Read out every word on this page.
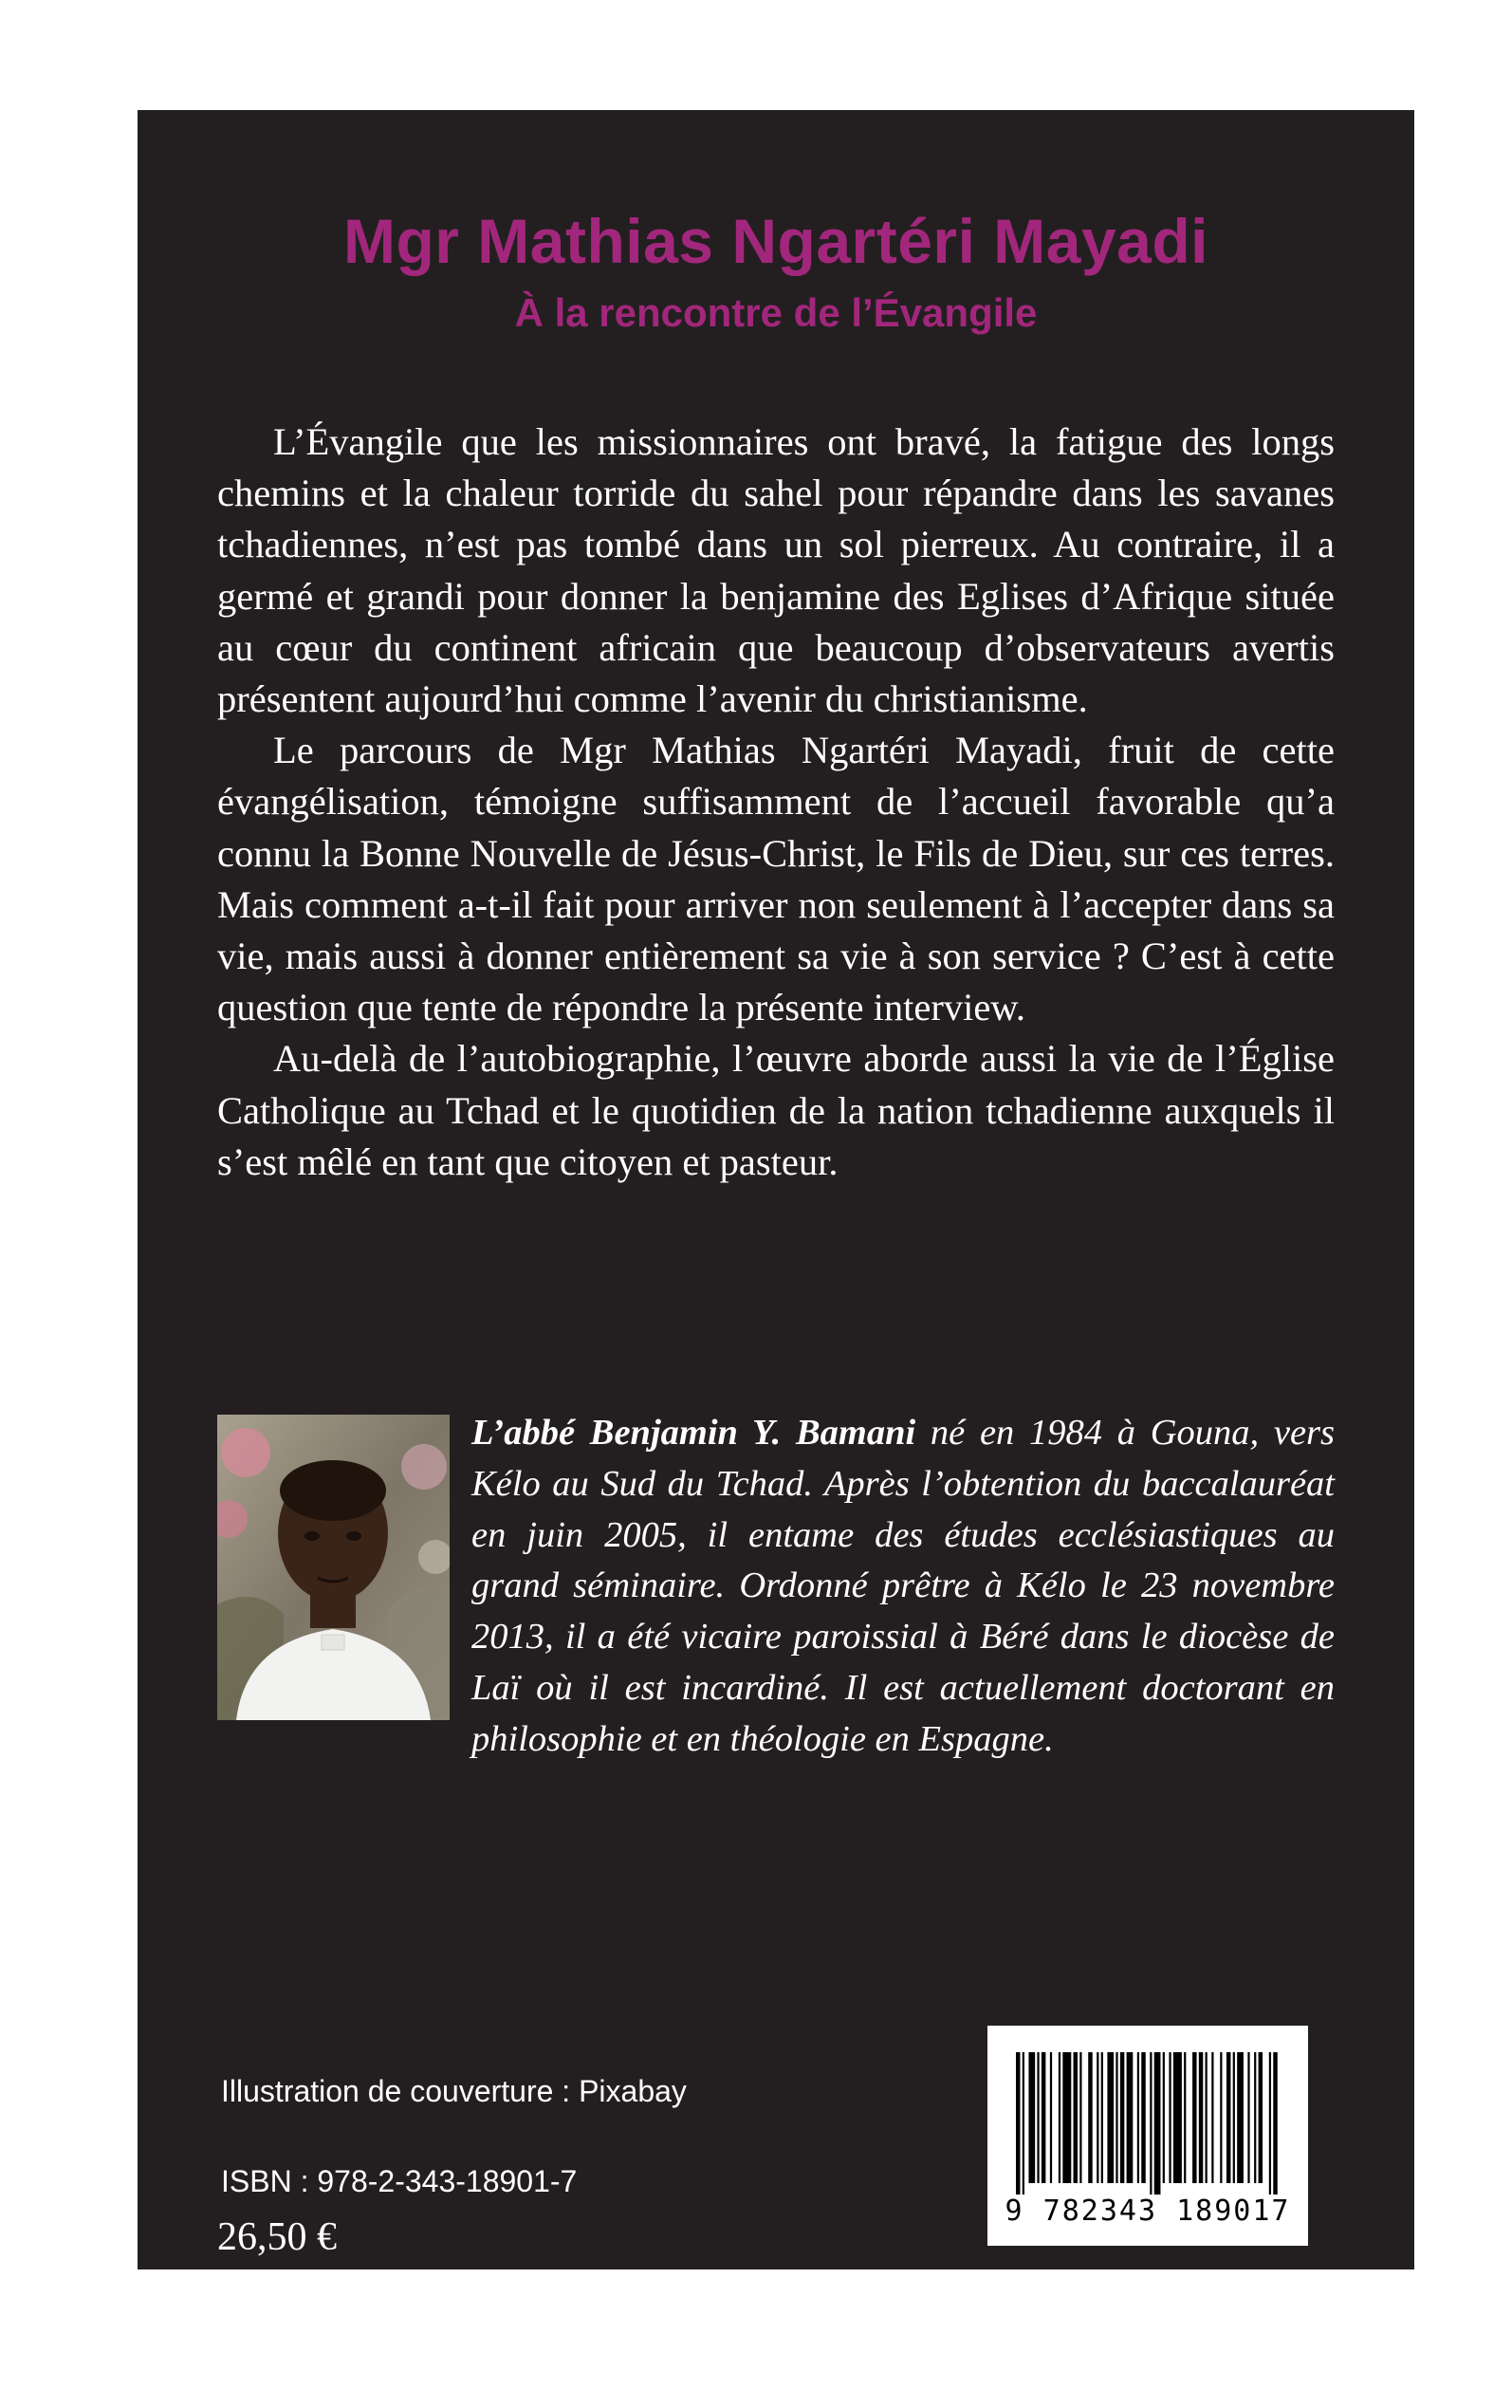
Mgr Mathias Ngartéri Mayadi
À la rencontre de l’Évangile

L’Évangile que les missionnaires ont bravé, la fatigue des longs chemins et la chaleur torride du sahel pour répandre dans les savanes tchadiennes, n’est pas tombé dans un sol pierreux. Au contraire, il a germé et grandi pour donner la benjamine des Eglises d’Afrique située au cœur du continent africain que beaucoup d’observateurs avertis présentent aujourd’hui comme l’avenir du christianisme.

Le parcours de Mgr Mathias Ngartéri Mayadi, fruit de cette évangélisation, témoigne suffisamment de l’accueil favorable qu’a connu la Bonne Nouvelle de Jésus-Christ, le Fils de Dieu, sur ces terres. Mais comment a-t-il fait pour arriver non seulement à l’accepter dans sa vie, mais aussi à donner entièrement sa vie à son service ? C’est à cette question que tente de répondre la présente interview.

Au-delà de l’autobiographie, l’œuvre aborde aussi la vie de l’Église Catholique au Tchad et le quotidien de la nation tchadienne auxquels il s’est mêlé en tant que citoyen et pasteur.

L’abbé Benjamin Y. Bamani né en 1984 à Gouna, vers Kélo au Sud du Tchad. Après l’obtention du baccalauréat en juin 2005, il entame des études ecclésiastiques au grand séminaire. Ordonné prêtre à Kélo le 23 novembre 2013, il a été vicaire paroissial à Béré dans le diocèse de Laï où il est incardiné. Il est actuellement doctorant en philosophie et en théologie en Espagne.

Illustration de couverture : Pixabay

ISBN : 978-2-343-18901-7

26,50 €

9 782343 189017
